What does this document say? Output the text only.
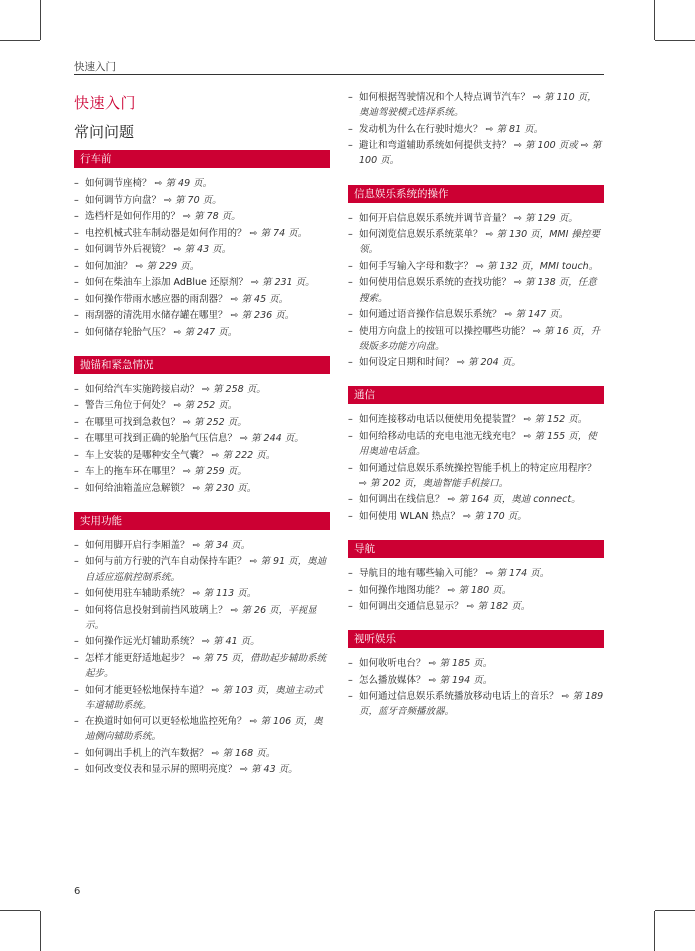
快速入门
快速入门
常问问题
行车前
– 如何调节座椅？ ⇨ 第 49 页。
– 如何调节方向盘？ ⇨ 第 70 页。
– 选档杆是如何作用的？ ⇨ 第 78 页。
– 电控机械式驻车制动器是如何作用的？ ⇨ 第 74 页。
– 如何调节外后视镜？ ⇨ 第 43 页。
– 如何加油？ ⇨ 第 229 页。
– 如何在柴油车上添加 AdBlue 还原剂？ ⇨ 第 231 页。
– 如何操作带雨水感应器的雨刮器？ ⇨ 第 45 页。
– 雨刮器的清洗用水储存罐在哪里？ ⇨ 第 236 页。
– 如何储存轮胎气压？ ⇨ 第 247 页。
抛锚和紧急情况
– 如何给汽车实施跨接启动？ ⇨ 第 258 页。
– 警告三角位于何处？ ⇨ 第 252 页。
– 在哪里可找到急救包？ ⇨ 第 252 页。
– 在哪里可找到正确的轮胎气压信息？ ⇨ 第 244 页。
– 车上安装的是哪种安全气囊？ ⇨ 第 222 页。
– 车上的拖车环在哪里？ ⇨ 第 259 页。
– 如何给油箱盖应急解锁？ ⇨ 第 230 页。
实用功能
– 如何用脚开启行李厢盖？ ⇨ 第 34 页。
– 如何与前方行驶的汽车自动保持车距？ ⇨ 第 91 页，奥迪自适应巡航控制系统。
– 如何使用驻车辅助系统？ ⇨ 第 113 页。
– 如何将信息投射到前挡风玻璃上？ ⇨ 第 26 页，平视显示。
– 如何操作远光灯辅助系统？ ⇨ 第 41 页。
– 怎样才能更舒适地起步？ ⇨ 第 75 页，借助起步辅助系统起步。
– 如何才能更轻松地保持车道？ ⇨ 第 103 页，奥迪主动式车道辅助系统。
– 在换道时如何可以更轻松地监控死角？ ⇨ 第 106 页，奥迪侧向辅助系统。
– 如何调出手机上的汽车数据？ ⇨ 第 168 页。
– 如何改变仪表和显示屏的照明亮度？ ⇨ 第 43 页。
– 如何根据驾驶情况和个人特点调节汽车？ ⇨ 第 110 页，奥迪驾驶模式选择系统。
– 发动机为什么在行驶时熄火？ ⇨ 第 81 页。
– 避让和弯道辅助系统如何提供支持？ ⇨ 第 100 页或 ⇨ 第 100 页。
信息娱乐系统的操作
– 如何开启信息娱乐系统并调节音量？ ⇨ 第 129 页。
– 如何浏览信息娱乐系统菜单？ ⇨ 第 130 页，MMI 操控要领。
– 如何手写输入字母和数字？ ⇨ 第 132 页，MMI touch。
– 如何使用信息娱乐系统的查找功能？ ⇨ 第 138 页，任意搜索。
– 如何通过语音操作信息娱乐系统？ ⇨ 第 147 页。
– 使用方向盘上的按钮可以操控哪些功能？ ⇨ 第 16 页，升级版多功能方向盘。
– 如何设定日期和时间？ ⇨ 第 204 页。
通信
– 如何连接移动电话以便使用免提装置？ ⇨ 第 152 页。
– 如何给移动电话的充电电池无线充电？ ⇨ 第 155 页，使用奥迪电话盒。
– 如何通过信息娱乐系统操控智能手机上的特定应用程序？ ⇨ 第 202 页，奥迪智能手机接口。
– 如何调出在线信息？ ⇨ 第 164 页，奥迪 connect。
– 如何使用 WLAN 热点？ ⇨ 第 170 页。
导航
– 导航目的地有哪些输入可能？ ⇨ 第 174 页。
– 如何操作地图功能？ ⇨ 第 180 页。
– 如何调出交通信息显示？ ⇨ 第 182 页。
视听娱乐
– 如何收听电台？ ⇨ 第 185 页。
– 怎么播放媒体？ ⇨ 第 194 页。
– 如何通过信息娱乐系统播放移动电话上的音乐？ ⇨ 第 189 页，蓝牙音频播放器。
6
